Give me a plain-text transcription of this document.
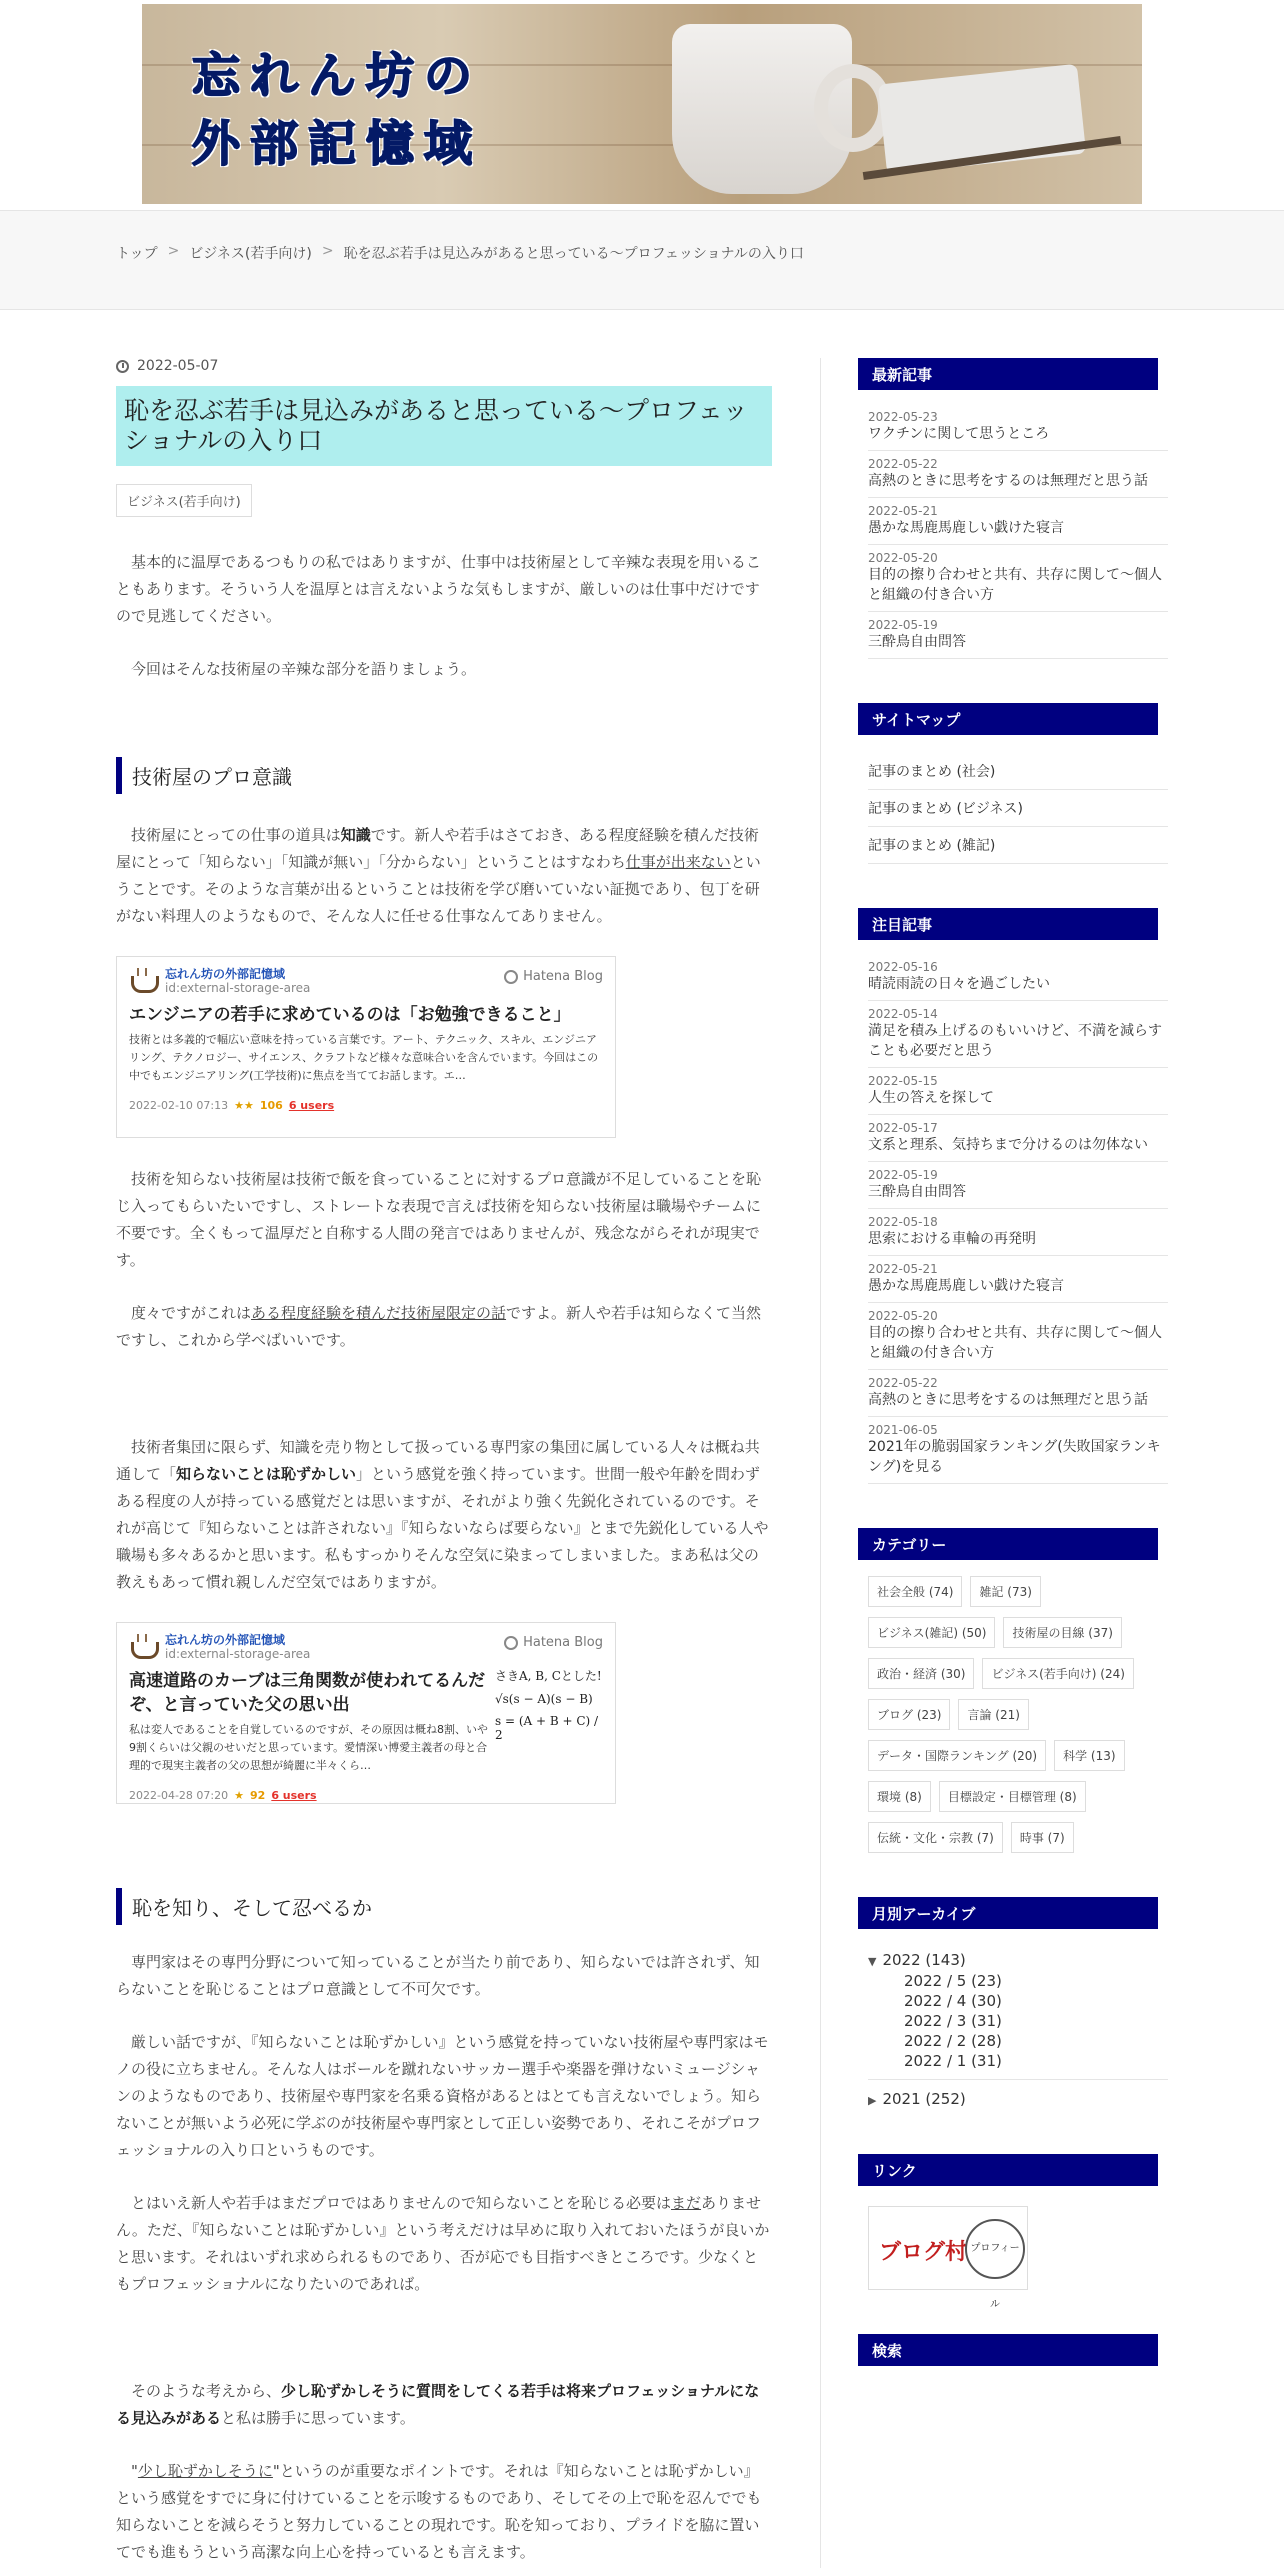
忘れん坊の
外部記憶域
トップ > ビジネス(若手向け) > 恥を忍ぶ若手は見込みがあると思っている～プロフェッショナルの入り口
2022-05-07
恥を忍ぶ若手は見込みがあると思っている～プロフェッショナルの入り口
ビジネス(若手向け)

基本的に温厚であるつもりの私ではありますが、仕事中は技術屋として辛辣な表現を用いることもあります。そういう人を温厚とは言えないような気もしますが、厳しいのは仕事中だけですので見逃してください。

今回はそんな技術屋の辛辣な部分を語りましょう。

技術屋のプロ意識

技術屋にとっての仕事の道具は知識です。新人や若手はさておき、ある程度経験を積んだ技術屋にとって「知らない」「知識が無い」「分からない」ということはすなわち仕事が出来ないということです。そのような言葉が出るということは技術を学び磨いていない証拠であり、包丁を研がない料理人のようなもので、そんな人に任せる仕事なんてありません。

忘れん坊の外部記憶域
id:external-storage-area
Hatena Blog
エンジニアの若手に求めているのは「お勉強できること」
技術とは多義的で幅広い意味を持っている言葉です。アート、テクニック、スキル、エンジニアリング、テクノロジー、サイエンス、クラフトなど様々な意味合いを含んでいます。今回はこの中でもエンジニアリング(工学技術)に焦点を当ててお話します。エ…
2022-02-10 07:13 ★★ 106 6 users

技術を知らない技術屋は技術で飯を食っていることに対するプロ意識が不足していることを恥じ入ってもらいたいですし、ストレートな表現で言えば技術を知らない技術屋は職場やチームに不要です。全くもって温厚だと自称する人間の発言ではありませんが、残念ながらそれが現実です。

度々ですがこれはある程度経験を積んだ技術屋限定の話ですよ。新人や若手は知らなくて当然ですし、これから学べばいいです。

技術者集団に限らず、知識を売り物として扱っている専門家の集団に属している人々は概ね共通して「知らないことは恥ずかしい」という感覚を強く持っています。世間一般や年齢を問わずある程度の人が持っている感覚だとは思いますが、それがより強く先鋭化されているのです。それが高じて『知らないことは許されない』『知らないならば要らない』とまで先鋭化している人や職場も多々あるかと思います。私もすっかりそんな空気に染まってしまいました。まあ私は父の教えもあって慣れ親しんだ空気ではありますが。

忘れん坊の外部記憶域
id:external-storage-area
Hatena Blog
高速道路のカーブは三角関数が使われてるんだぞ、と言っていた父の思い出
私は変人であることを自覚しているのですが、その原因は概ね8割、いや9割くらいは父親のせいだと思っています。愛情深い博愛主義者の母と合理的で現実主義者の父の思想が綺麗に半々くら…
さきA, B, Cとした!
√s(s − A)(s − B)
s = (A + B + C) / 2
2022-04-28 07:20 ★ 92 6 users
恥を知り、そして忍べるか

専門家はその専門分野について知っていることが当たり前であり、知らないでは許されず、知らないことを恥じることはプロ意識として不可欠です。

厳しい話ですが、『知らないことは恥ずかしい』という感覚を持っていない技術屋や専門家はモノの役に立ちません。そんな人はボールを蹴れないサッカー選手や楽器を弾けないミュージシャンのようなものであり、技術屋や専門家を名乗る資格があるとはとても言えないでしょう。知らないことが無いよう必死に学ぶのが技術屋や専門家として正しい姿勢であり、それこそがプロフェッショナルの入り口というものです。

とはいえ新人や若手はまだプロではありませんので知らないことを恥じる必要はまだありません。ただ、『知らないことは恥ずかしい』という考えだけは早めに取り入れておいたほうが良いかと思います。それはいずれ求められるものであり、否が応でも目指すべきところです。少なくともプロフェッショナルになりたいのであれば。

そのような考えから、少し恥ずかしそうに質問をしてくる若手は将来プロフェッショナルになる見込みがあると私は勝手に思っています。

"少し恥ずかしそうに"というのが重要なポイントです。それは『知らないことは恥ずかしい』という感覚をすでに身に付けていることを示唆するものであり、そしてその上で恥を忍んででも知らないことを減らそうと努力していることの現れです。恥を知っており、プライドを脇に置いてでも進もうという高潔な向上心を持っているとも言えます。

最新記事
2022-05-23
ワクチンに関して思うところ
2022-05-22
高熱のときに思考をするのは無理だと思う話
2022-05-21
愚かな馬鹿馬鹿しい戯けた寝言
2022-05-20
目的の擦り合わせと共有、共存に関して～個人と組織の付き合い方
2022-05-19
三酔鳥自由問答
サイトマップ
記事のまとめ (社会)
記事のまとめ (ビジネス)
記事のまとめ (雑記)
注目記事
2022-05-16
晴読雨読の日々を過ごしたい
2022-05-14
満足を積み上げるのもいいけど、不満を減らすことも必要だと思う
2022-05-15
人生の答えを探して
2022-05-17
文系と理系、気持ちまで分けるのは勿体ない
2022-05-19
三酔鳥自由問答
2022-05-18
思索における車輪の再発明
2022-05-21
愚かな馬鹿馬鹿しい戯けた寝言
2022-05-20
目的の擦り合わせと共有、共存に関して～個人と組織の付き合い方
2022-05-22
高熱のときに思考をするのは無理だと思う話
2021-06-05
2021年の脆弱国家ランキング(失敗国家ランキング)を見る
カテゴリー
社会全般 (74)	雑記 (73)
ビジネス(雑記) (50)	技術屋の目線 (37)
政治・経済 (30)	ビジネス(若手向け) (24)
ブログ (23)	言論 (21)
データ・国際ランキング (20)	科学 (13)
環境 (8)	目標設定・目標管理 (8)
伝統・文化・宗教 (7)	時事 (7)
月別アーカイブ
▼ 2022 (143)
2022 / 5 (23)
2022 / 4 (30)
2022 / 3 (31)
2022 / 2 (28)
2022 / 1 (31)
▶ 2021 (252)
リンク
ブログ村 プロフィール
検索
